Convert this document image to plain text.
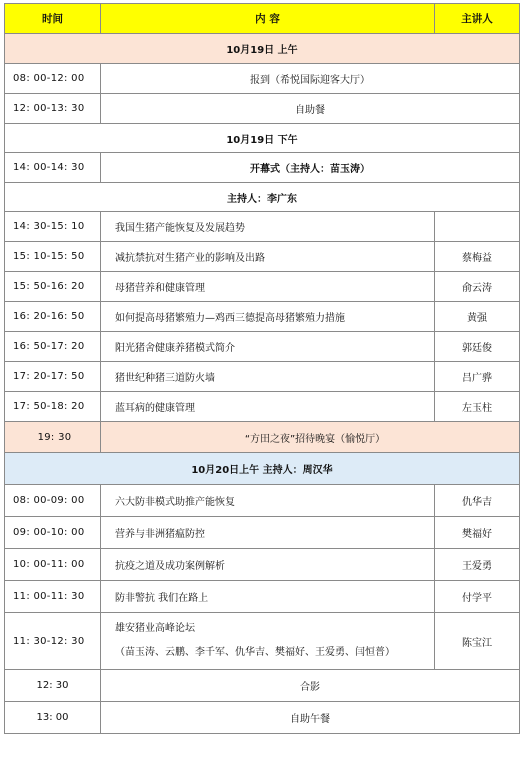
时间	内 容	主讲人
10月19日 上午		
08: 00-12: 00	报到（希悦国际迎客大厅）	
12: 00-13: 30	自助餐	
10月19日 下午		
14: 00-14: 30	开幕式（主持人：苗玉涛）	
主持人：李广东		
14: 30-15: 10	我国生猪产能恢复及发展趋势	
15: 10-15: 50	减抗禁抗对生猪产业的影响及出路	蔡梅益
15: 50-16: 20	母猪营养和健康管理	俞云涛
16: 20-16: 50	如何提高母猪繁殖力—鸡西三德提高母猪繁殖力措施	黄强
16: 50-17: 20	阳光猪舍健康养猪模式简介	郭廷俊
17: 20-17: 50	猪世纪种猪三道防火墙	吕广骅
17: 50-18: 20	蓝耳病的健康管理	左玉柱
19: 30	“方田之夜”招待晚宴（愉悦厅）	
10月20日上午 主持人：周汉华		
08: 00-09: 00	六大防非模式助推产能恢复	仇华吉
09: 00-10: 00	营养与非洲猪瘟防控	樊福好
10: 00-11: 00	抗疫之道及成功案例解析	王爱勇
11: 00-11: 30	防非警抗 我们在路上	付学平
11: 30-12: 30	雄安猪业高峰论坛
（苗玉涛、云鹏、李千军、仇华吉、樊福好、王爱勇、闫恒普）	陈宝江
12: 30	合影	
13: 00	自助午餐	
